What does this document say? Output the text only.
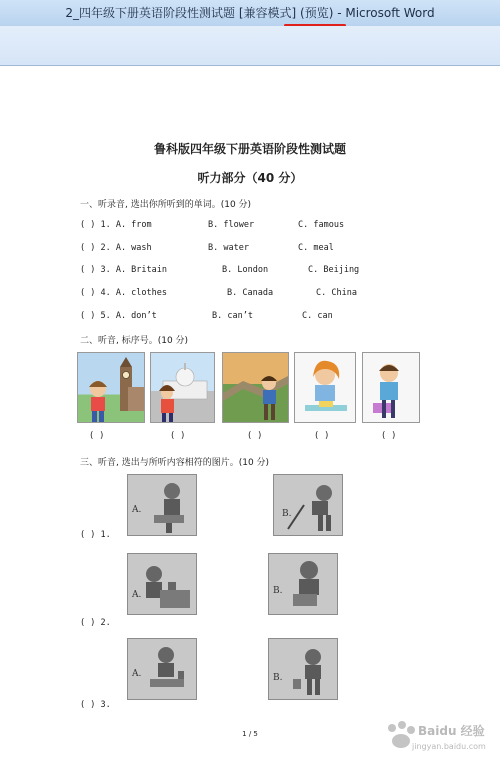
2_四年级下册英语阶段性测试题 [兼容模式] (预览) - Microsoft Word
鲁科版四年级下册英语阶段性测试题
听力部分（40 分）
一、听录音, 选出你所听到的单词。(10 分)
( ) 1. A. from	B. flower	C. famous
( ) 2. A. wash	B. water	C. meal
( ) 3. A. Britain	B. London	C. Beijing
( ) 4. A. clothes	B. Canada	C. China
( ) 5. A. don’t	B. can’t	C. can
二、听音, 标序号。(10 分)
( )	( )	( )	( )	( )
三、听音, 选出与所听内容相符的图片。(10 分)
A.	B.
( ) 1.
A.	B.
( ) 2.
A.	B.
( ) 3.
1 / 5	Baidu 经验
jingyan.baidu.com
